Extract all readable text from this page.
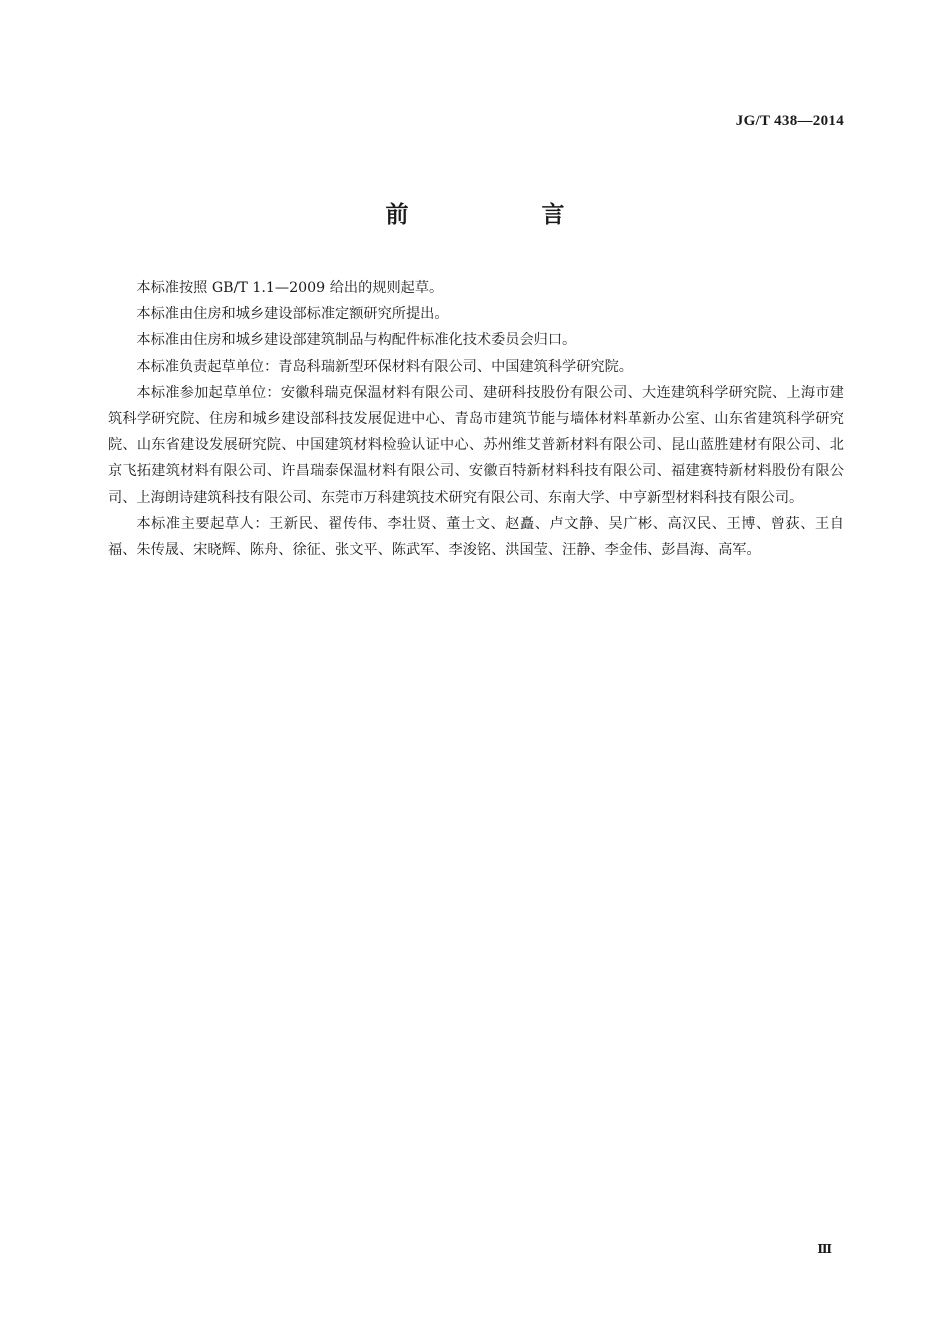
JG/T 438—2014
前　言

本标准按照 GB/T 1.1—2009 给出的规则起草。

本标准由住房和城乡建设部标准定额研究所提出。

本标准由住房和城乡建设部建筑制品与构配件标准化技术委员会归口。

本标准负责起草单位：青岛科瑞新型环保材料有限公司、中国建筑科学研究院。

本标准参加起草单位：安徽科瑞克保温材料有限公司、建研科技股份有限公司、大连建筑科学研究院、上海市建筑科学研究院、住房和城乡建设部科技发展促进中心、青岛市建筑节能与墙体材料革新办公室、山东省建筑科学研究院、山东省建设发展研究院、中国建筑材料检验认证中心、苏州维艾普新材料有限公司、昆山蓝胜建材有限公司、北京飞拓建筑材料有限公司、许昌瑞泰保温材料有限公司、安徽百特新材料科技有限公司、福建赛特新材料股份有限公司、上海朗诗建筑科技有限公司、东莞市万科建筑技术研究有限公司、东南大学、中亨新型材料科技有限公司。

本标准主要起草人：王新民、翟传伟、李壮贤、董士文、赵矗、卢文静、吴广彬、高汉民、王博、曾荻、王自福、朱传晟、宋晓辉、陈舟、徐征、张文平、陈武军、李浚铭、洪国莹、汪静、李金伟、彭昌海、高军。

Ⅲ
